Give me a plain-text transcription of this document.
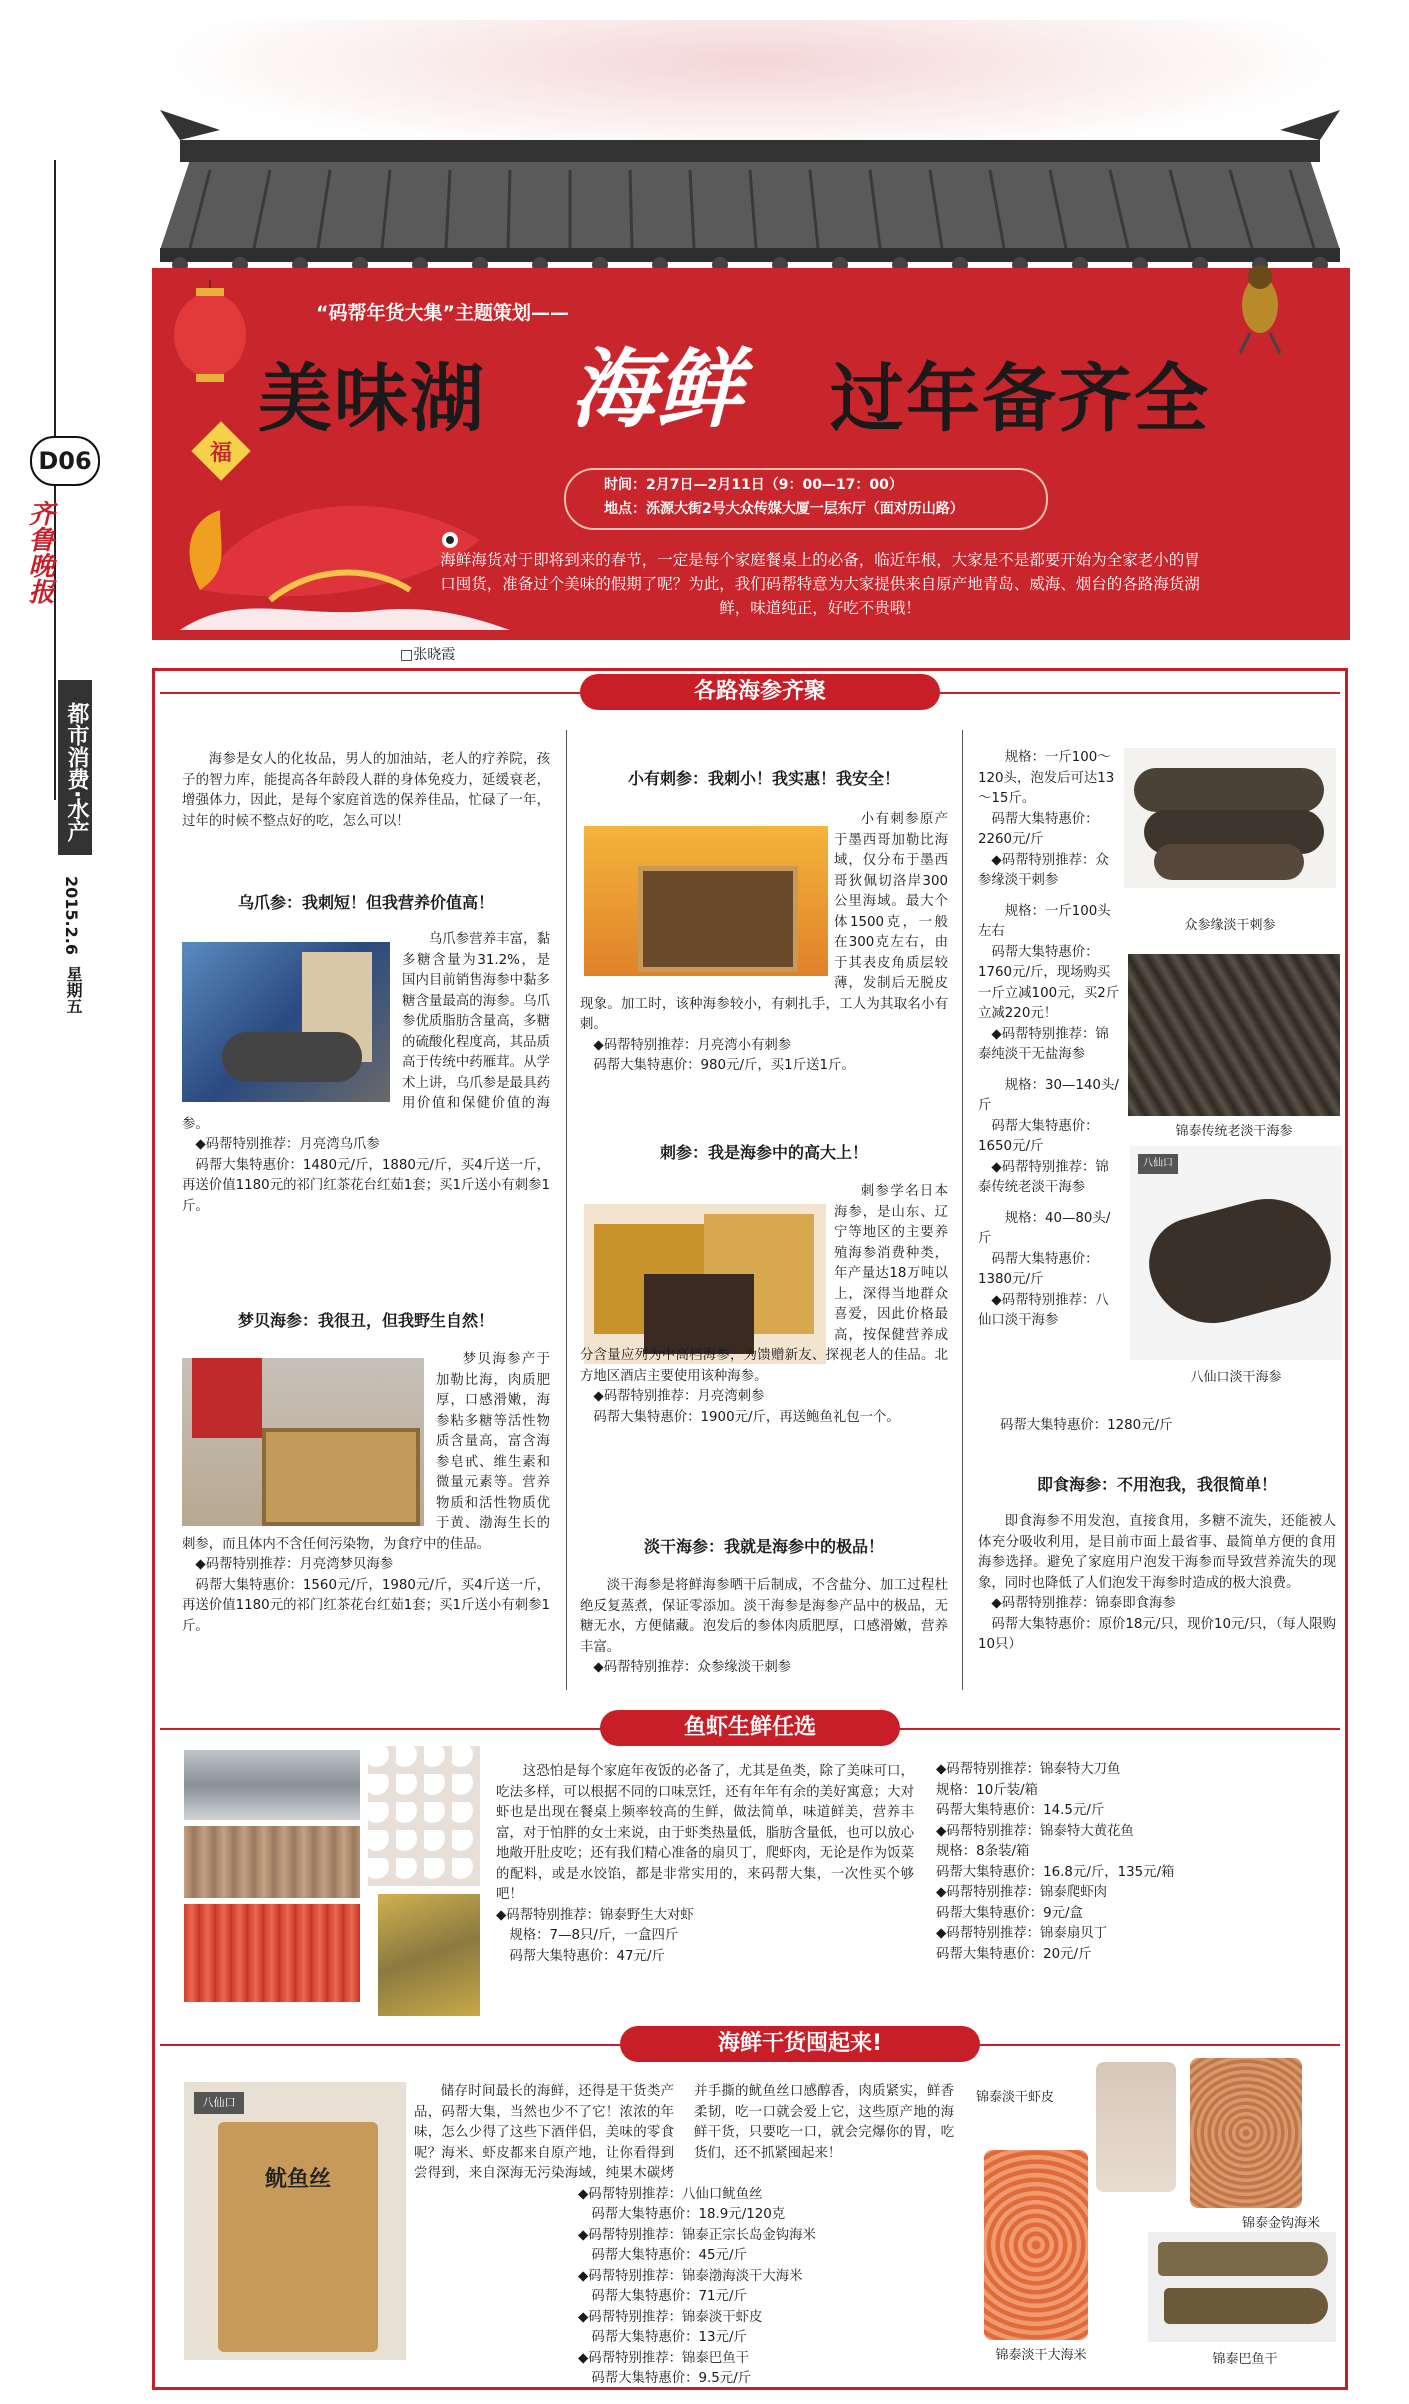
D06
齐鲁晚报
都市消费·水产
2015.2.6
星期五
福
“码帮年货大集”主题策划——
美味湖 海鲜 过年备齐全
时间：2月7日—2月11日（9：00—17：00）
地点：泺源大街2号大众传媒大厦一层东厅（面对历山路）
海鲜海货对于即将到来的春节，一定是每个家庭餐桌上的必备，临近年根，大家是不是都要开始为全家老小的胃口囤货，准备过个美味的假期了呢？为此，我们码帮特意为大家提供来自原产地青岛、威海、烟台的各路海货湖鲜，味道纯正，好吃不贵哦！
□张晓霞
各路海参齐聚

海参是女人的化妆品，男人的加油站，老人的疗养院，孩子的智力库，能提高各年龄段人群的身体免疫力，延缓衰老，增强体力，因此，是每个家庭首选的保养佳品，忙碌了一年，过年的时候不整点好的吃，怎么可以！

乌爪参：我刺短！但我营养价值高！

乌爪参营养丰富，黏多糖含量为31.2%，是国内目前销售海参中黏多糖含量最高的海参。乌爪参优质脂肪含量高，多糖的硫酸化程度高，其品质高于传统中药雁茸。从学术上讲，乌爪参是最具药用价值和保健价值的海参。

◆码帮特别推荐：月亮湾乌爪参
码帮大集特惠价：1480元/斤，1880元/斤，买4斤送一斤，再送价值1180元的祁门红茶花台红茹1套；买1斤送小有刺参1斤。
梦贝海参：我很丑，但我野生自然！

梦贝海参产于加勒比海，肉质肥厚，口感滑嫩，海参粘多糖等活性物质含量高，富含海参皂甙、维生素和微量元素等。营养物质和活性物质优于黄、渤海生长的刺参，而且体内不含任何污染物，为食疗中的佳品。

◆码帮特别推荐：月亮湾梦贝海参
码帮大集特惠价：1560元/斤，1980元/斤，买4斤送一斤，再送价值1180元的祁门红茶花台红茹1套；买1斤送小有刺参1斤。
小有刺参：我刺小！我实惠！我安全！

小有刺参原产于墨西哥加勒比海域，仅分布于墨西哥狄佩切洛岸300公里海域。最大个体1500克，一般在300克左右，由于其表皮角质层较薄，发制后无脱皮现象。加工时，该种海参较小，有刺扎手，工人为其取名小有刺。

◆码帮特别推荐：月亮湾小有刺参
码帮大集特惠价：980元/斤，买1斤送1斤。
刺参：我是海参中的高大上！

刺参学名日本海参，是山东、辽宁等地区的主要养殖海参消费种类，年产量达18万吨以上，深得当地群众喜爱，因此价格最高，按保健营养成分含量应列为中高档海参，为馈赠新友、探视老人的佳品。北方地区酒店主要使用该种海参。

◆码帮特别推荐：月亮湾刺参
码帮大集特惠价：1900元/斤，再送鲍鱼礼包一个。
淡干海参：我就是海参中的极品！

淡干海参是将鲜海参晒干后制成，不含盐分、加工过程杜绝反复蒸煮，保证零添加。淡干海参是海参产品中的极品，无糖无水，方便储藏。泡发后的参体肉质肥厚，口感滑嫩，营养丰富。

◆码帮特别推荐：众参缘淡干刺参
规格：一斤100～120头，泡发后可达13～15斤。
码帮大集特惠价：2260元/斤
◆码帮特别推荐：众参缘淡干刺参
规格：一斤100头左右
码帮大集特惠价：1760元/斤，现场购买一斤立减100元，买2斤立减220元！
◆码帮特别推荐：锦泰纯淡干无盐海参
规格：30—140头/斤
码帮大集特惠价：1650元/斤
◆码帮特别推荐：锦泰传统老淡干海参
规格：40—80头/斤
码帮大集特惠价：1380元/斤
◆码帮特别推荐：八仙口淡干海参
码帮大集特惠价：1280元/斤
众参缘淡干刺参
锦泰传统老淡干海参
八仙口
八仙口淡干海参
即食海参：不用泡我，我很简单！

即食海参不用发泡，直接食用，多糖不流失，还能被人体充分吸收利用，是目前市面上最省事、最简单方便的食用海参选择。避免了家庭用户泡发干海参而导致营养流失的现象，同时也降低了人们泡发干海参时造成的极大浪费。

◆码帮特别推荐：锦泰即食海参
码帮大集特惠价：原价18元/只，现价10元/只，（每人限购10只）
鱼虾生鲜任选

这恐怕是每个家庭年夜饭的必备了，尤其是鱼类，除了美味可口，吃法多样，可以根据不同的口味烹饪，还有年年有余的美好寓意；大对虾也是出现在餐桌上频率较高的生鲜，做法简单，味道鲜美，营养丰富，对于怕胖的女士来说，由于虾类热量低，脂肪含量低，也可以放心地敞开肚皮吃；还有我们精心准备的扇贝丁，爬虾肉，无论是作为饭菜的配料，或是水饺馅，都是非常实用的，来码帮大集，一次性买个够吧！

◆码帮特别推荐：锦泰野生大对虾
规格：7—8只/斤，一盒四斤
码帮大集特惠价：47元/斤
◆码帮特别推荐：锦泰特大刀鱼
规格：10斤装/箱
码帮大集特惠价：14.5元/斤
◆码帮特别推荐：锦泰特大黄花鱼
规格：8条装/箱
码帮大集特惠价：16.8元/斤，135元/箱
◆码帮特别推荐：锦泰爬虾肉
码帮大集特惠价：9元/盒
◆码帮特别推荐：锦泰扇贝丁
码帮大集特惠价：20元/斤
海鲜干货囤起来!
八仙口
鱿鱼丝

储存时间最长的海鲜，还得是干货类产品，码帮大集，当然也少不了它！浓浓的年味，怎么少得了这些下酒伴侣，美味的零食呢？海米、虾皮都来自原产地，让你看得到尝得到，来自深海无污染海域，纯果木碳烤并手撕的鱿鱼丝口感醇香，肉质紧实，鲜香柔韧，吃一口就会爱上它，这些原产地的海鲜干货，只要吃一口，就会完爆你的胃，吃货们，还不抓紧囤起来！

◆码帮特别推荐：八仙口鱿鱼丝
码帮大集特惠价：18.9元/120克
◆码帮特别推荐：锦泰正宗长岛金钩海米
码帮大集特惠价：45元/斤
◆码帮特别推荐：锦泰渤海淡干大海米
码帮大集特惠价：71元/斤
◆码帮特别推荐：锦泰淡干虾皮
码帮大集特惠价：13元/斤
◆码帮特别推荐：锦泰巴鱼干
码帮大集特惠价：9.5元/斤
锦泰淡干虾皮
锦泰金钩海米
锦泰淡干大海米	锦泰巴鱼干
